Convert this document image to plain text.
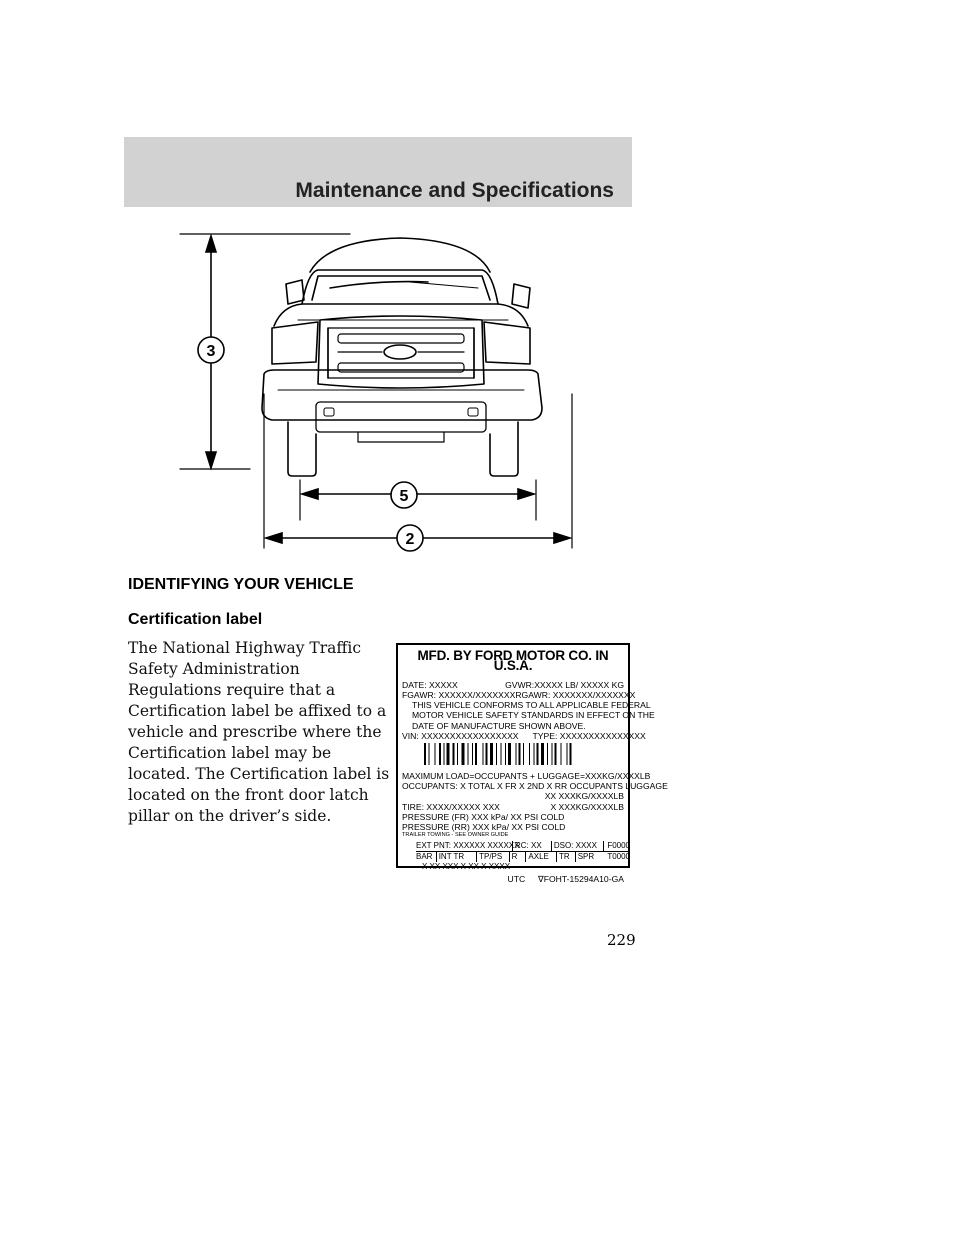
Maintenance and Specifications
3
5
2
IDENTIFYING YOUR VEHICLE
Certification label
The National Highway Traffic Safety Administration Regulations require that a Certification label be affixed to a vehicle and prescribe where the Certification label may be located. The Certification label is located on the front door latch pillar on the driver’s side.
MFD. BY FORD MOTOR CO. IN U.S.A.
DATE: XXXXX	GVWR:XXXXX LB/ XXXXX KG
FGAWR: XXXXXX/XXXXXXX RGAWR: XXXXXXX/XXXXXXX
THIS VEHICLE CONFORMS TO ALL APPLICABLE FEDERAL
MOTOR VEHICLE SAFETY STANDARDS IN EFFECT ON THE
DATE OF MANUFACTURE SHOWN ABOVE.
VIN: XXXXXXXXXXXXXXXXX TYPE: XXXXXXXXXXXXXXX
MAXIMUM LOAD=OCCUPANTS + LUGGAGE=XXXKG/XXXXLB
OCCUPANTS: X TOTAL X FR X 2ND X RR OCCUPANTS LUGGAGE
XX XXXKG/XXXXLB
TIRE: XXXX/XXXXX XXX	X XXXKG/XXXXLB
PRESSURE (FR) XXX kPa/ XX PSI COLD
PRESSURE (RR) XXX kPa/ XX PSI COLD
TRAILER TOWING - SEE OWNER GUIDE
EXT PNT: XXXXXX XXXXXX
RC: XX	DSO: XXXX	F0000
BAR INT TR	TP/PS	R	AXLE	TR	SPR	T0000
X XX XXX X XX X XXXX
UTC ∇FOHT-15294A10-GA
229
